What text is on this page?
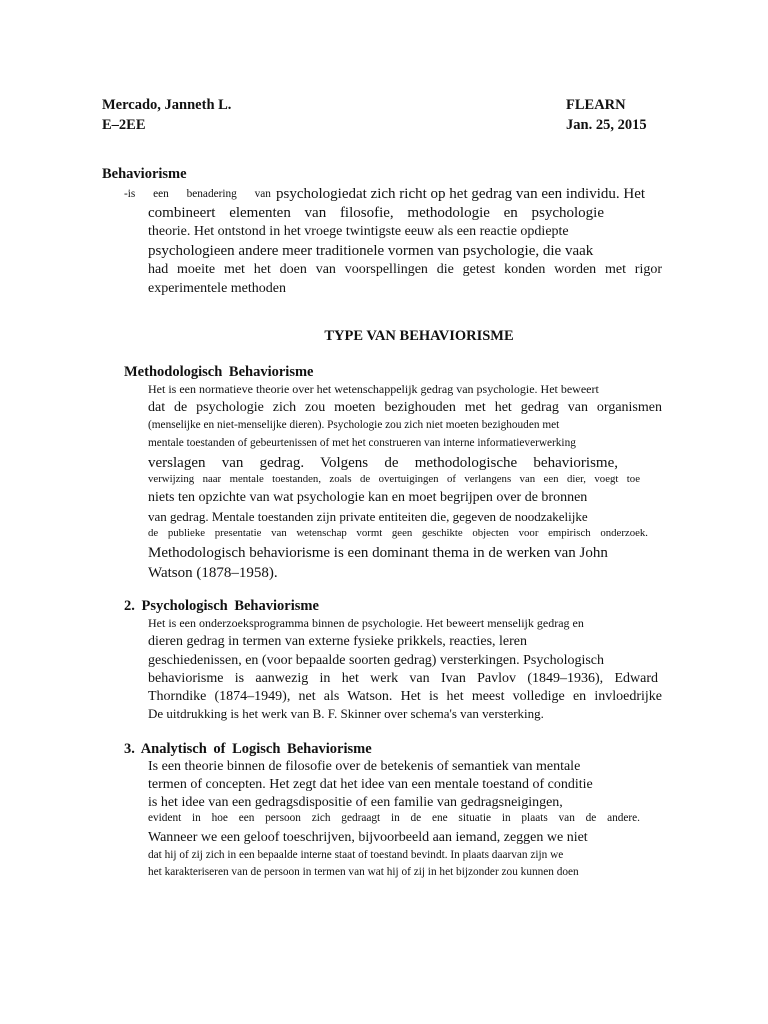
Mercado, Janneth L.
E–2EE
FLEARN
Jan. 25, 2015
Behaviorisme
-is een benadering van psychologiedat zich richt op het gedrag van een individu. Het
combineert elementen van filosofie, methodologie en psychologie
theorie. Het ontstond in het vroege twintigste eeuw als een reactie opdiepte
psychologieen andere meer traditionele vormen van psychologie, die vaak
had moeite met het doen van voorspellingen die getest konden worden met rigor
experimentele methoden
TYPE VAN BEHAVIORISME
Methodologisch Behaviorisme
Het is een normatieve theorie over het wetenschappelijk gedrag van psychologie. Het beweert
dat de psychologie zich zou moeten bezighouden met het gedrag van organismen
(menselijke en niet-menselijke dieren). Psychologie zou zich niet moeten bezighouden met
mentale toestanden of gebeurtenissen of met het construeren van interne informatieverwerking
verslagen van gedrag. Volgens de methodologische behaviorisme,
verwijzing naar mentale toestanden, zoals de overtuigingen of verlangens van een dier, voegt toe
niets ten opzichte van wat psychologie kan en moet begrijpen over de bronnen
van gedrag. Mentale toestanden zijn private entiteiten die, gegeven de noodzakelijke
de publieke presentatie van wetenschap vormt geen geschikte objecten voor empirisch onderzoek.
Methodologisch behaviorisme is een dominant thema in de werken van John
Watson (1878–1958).
2. Psychologisch Behaviorisme
Het is een onderzoeksprogramma binnen de psychologie. Het beweert menselijk gedrag en
dieren gedrag in termen van externe fysieke prikkels, reacties, leren
geschiedenissen, en (voor bepaalde soorten gedrag) versterkingen. Psychologisch
behaviorisme is aanwezig in het werk van Ivan Pavlov (1849–1936), Edward
Thorndike (1874–1949), net als Watson. Het is het meest volledige en invloedrijke
De uitdrukking is het werk van B. F. Skinner over schema's van versterking.
3. Analytisch of Logisch Behaviorisme
Is een theorie binnen de filosofie over de betekenis of semantiek van mentale
termen of concepten. Het zegt dat het idee van een mentale toestand of conditie
is het idee van een gedragsdispositie of een familie van gedragsneigingen,
evident in hoe een persoon zich gedraagt in de ene situatie in plaats van de andere.
Wanneer we een geloof toeschrijven, bijvoorbeeld aan iemand, zeggen we niet
dat hij of zij zich in een bepaalde interne staat of toestand bevindt. In plaats daarvan zijn we
het karakteriseren van de persoon in termen van wat hij of zij in het bijzonder zou kunnen doen
